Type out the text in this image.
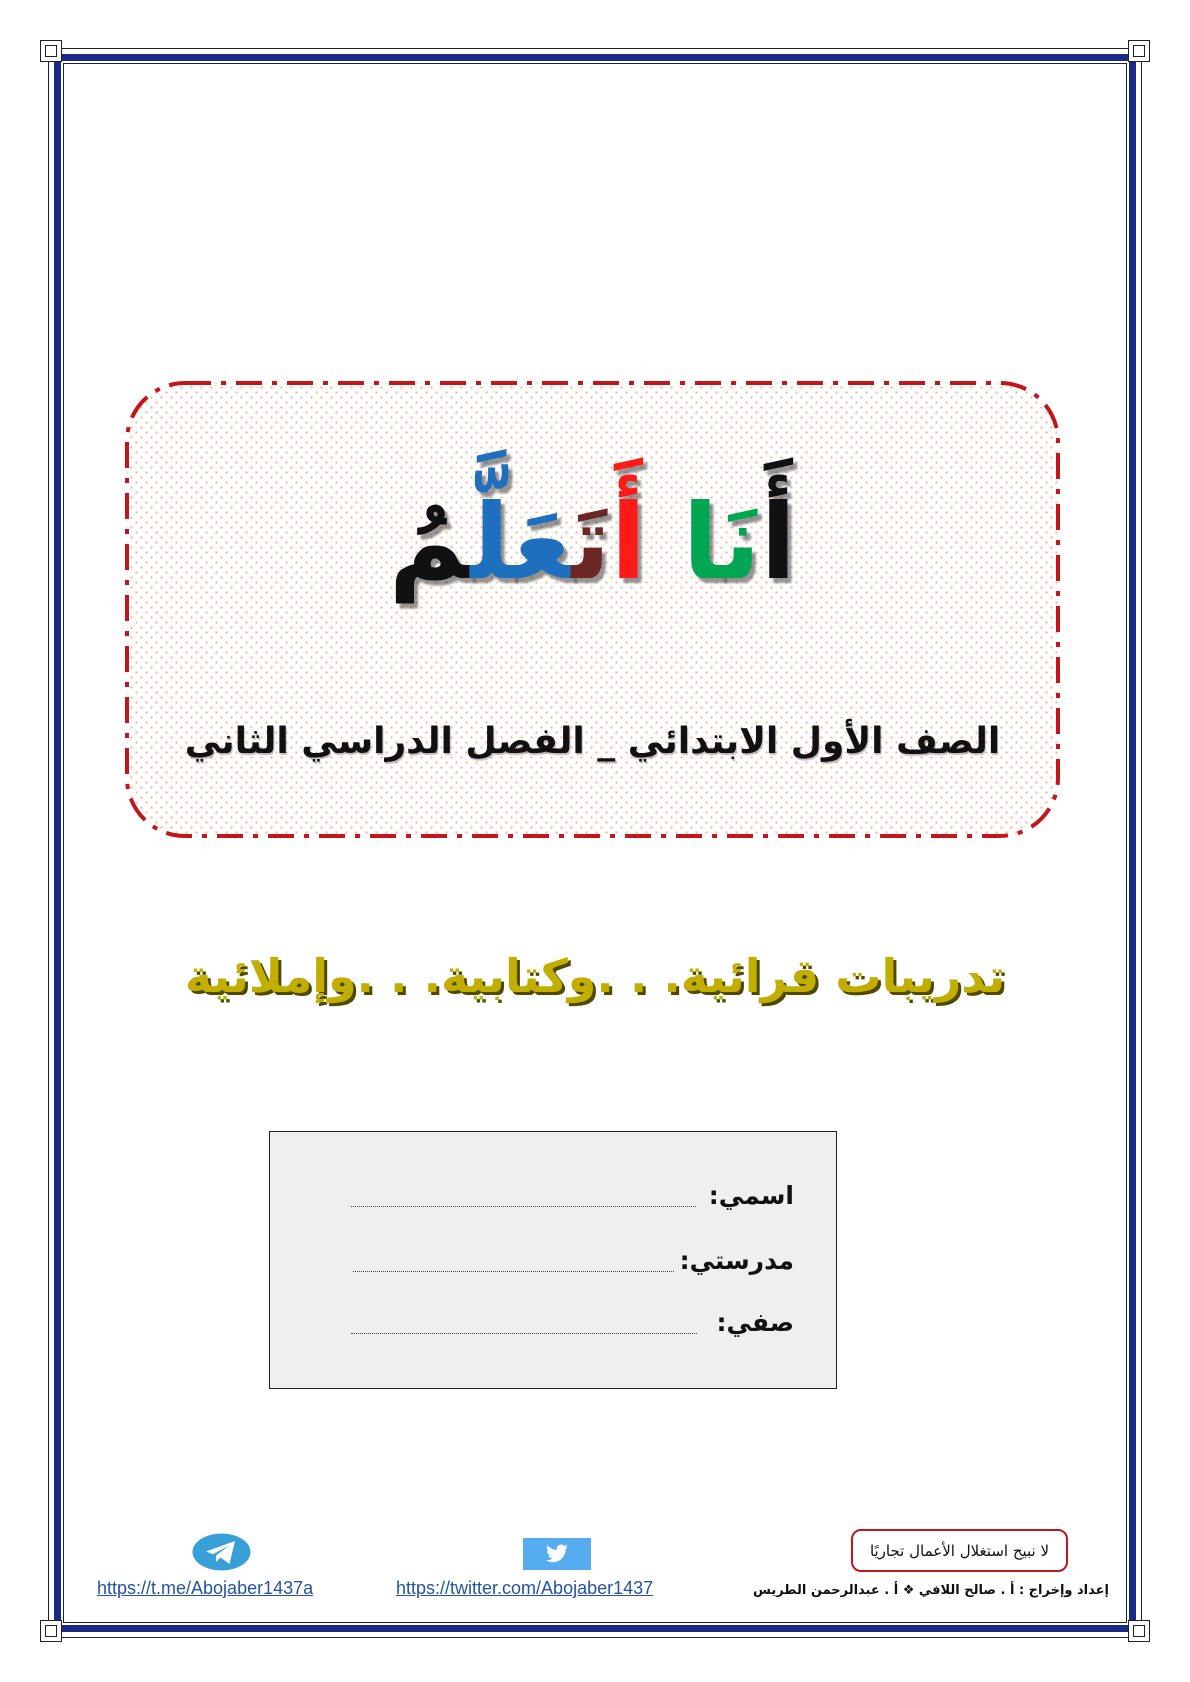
أَنَا أَتَعَلَّمُ
الصف الأول الابتدائي _ الفصل الدراسي الثاني
تدريبات قرائية. . .وكتابية. . .وإملائية
اسمي:
مدرستي:
صفي:
https://t.me/Abojaber1437a	https://twitter.com/Abojaber1437
لا نبيح استغلال الأعمال تجاريًا
إعداد وإخراج : أ . صالح اللافي ❖ أ . عبدالرحمن الطريس
